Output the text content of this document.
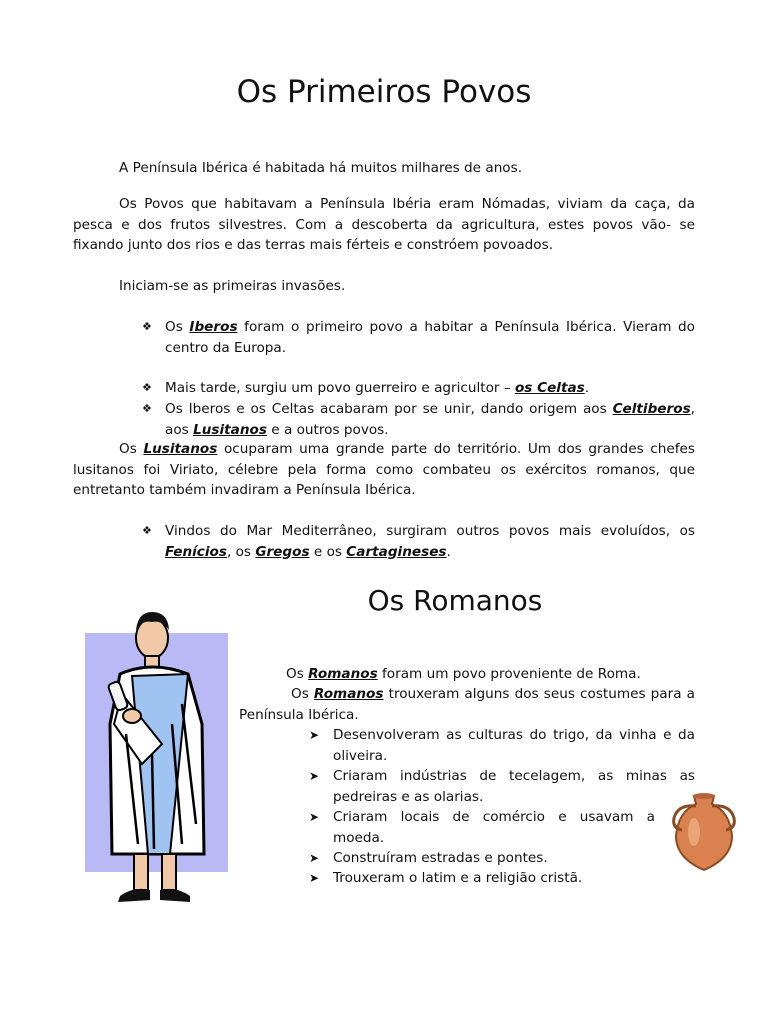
Os Primeiros Povos

A Península Ibérica é habitada há muitos milhares de anos.

Os Povos que habitavam a Península Ibéria eram Nómadas, viviam da caça, da pesca e dos frutos silvestres. Com a descoberta da agricultura, estes povos vão- se fixando junto dos rios e das terras mais férteis e constróem povoados.

Iniciam-se as primeiras invasões.

❖ Os Iberos foram o primeiro povo a habitar a Península Ibérica. Vieram do centro da Europa.
❖ Mais tarde, surgiu um povo guerreiro e agricultor – os Celtas.
❖ Os Iberos e os Celtas acabaram por se unir, dando origem aos Celtiberos, aos Lusitanos e a outros povos.

Os Lusitanos ocuparam uma grande parte do território. Um dos grandes chefes lusitanos foi Viriato, célebre pela forma como combateu os exércitos romanos, que entretanto também invadiram a Península Ibérica.

❖ Vindos do Mar Mediterrâneo, surgiram outros povos mais evoluídos, os Fenícios, os Gregos e os Cartagineses.
Os Romanos

Os Romanos foram um povo proveniente de Roma.

Os Romanos trouxeram alguns dos seus costumes para a Península Ibérica.

➤ Desenvolveram as culturas do trigo, da vinha e da oliveira.
➤ Criaram indústrias de tecelagem, as minas as pedreiras e as olarias.
➤ Criaram locais de comércio e usavam a moeda.
➤ Construíram estradas e pontes.
➤ Trouxeram o latim e a religião cristã.
